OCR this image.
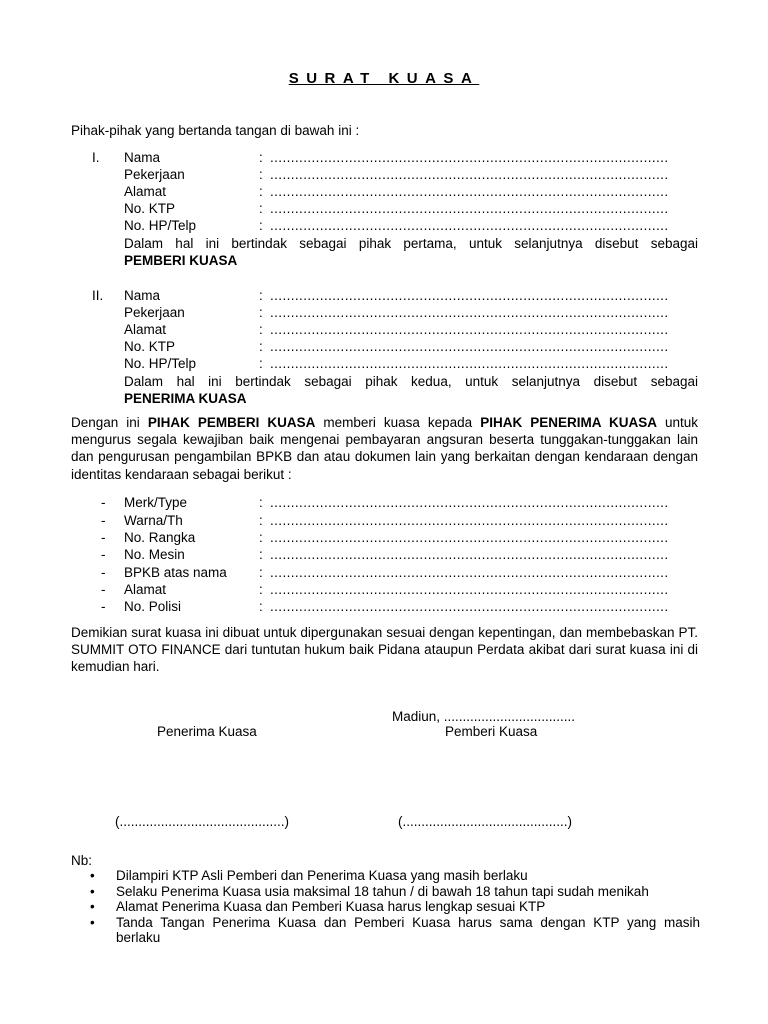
SURAT KUASA
Pihak-pihak yang bertanda tangan di bawah ini :
I. Nama	: ................................................................................................
Pekerjaan	: ................................................................................................
Alamat	: ................................................................................................
No. KTP	: ................................................................................................
No. HP/Telp	: ................................................................................................
Dalam hal ini bertindak sebagai pihak pertama, untuk selanjutnya disebut sebagai
PEMBERI KUASA
II. Nama	: ................................................................................................
Pekerjaan	: ................................................................................................
Alamat	: ................................................................................................
No. KTP	: ................................................................................................
No. HP/Telp	: ................................................................................................
Dalam hal ini bertindak sebagai pihak kedua, untuk selanjutnya disebut sebagai
PENERIMA KUASA
Dengan ini PIHAK PEMBERI KUASA memberi kuasa kepada PIHAK PENERIMA KUASA untuk mengurus segala kewajiban baik mengenai pembayaran angsuran beserta tunggakan-tunggakan lain dan pengurusan pengambilan BPKB dan atau dokumen lain yang berkaitan dengan kendaraan dengan identitas kendaraan sebagai berikut :
- Merk/Type	: ................................................................................................
- Warna/Th	: ................................................................................................
- No. Rangka	: ................................................................................................
- No. Mesin	: ................................................................................................
- BPKB atas nama : ................................................................................................
- Alamat	: ................................................................................................
- No. Polisi	: ................................................................................................
Demikian surat kuasa ini dibuat untuk dipergunakan sesuai dengan kepentingan, dan membebaskan PT. SUMMIT OTO FINANCE dari tuntutan hukum baik Pidana ataupun Perdata akibat dari surat kuasa ini di kemudian hari.
Madiun, ...................................
Penerima Kuasa	Pemberi Kuasa
(............................................)	(............................................)
Nb:
• Dilampiri KTP Asli Pemberi dan Penerima Kuasa yang masih berlaku
• Selaku Penerima Kuasa usia maksimal 18 tahun / di bawah 18 tahun tapi sudah menikah
• Alamat Penerima Kuasa dan Pemberi Kuasa harus lengkap sesuai KTP
• Tanda Tangan Penerima Kuasa dan Pemberi Kuasa harus sama dengan KTP yang masih berlaku
